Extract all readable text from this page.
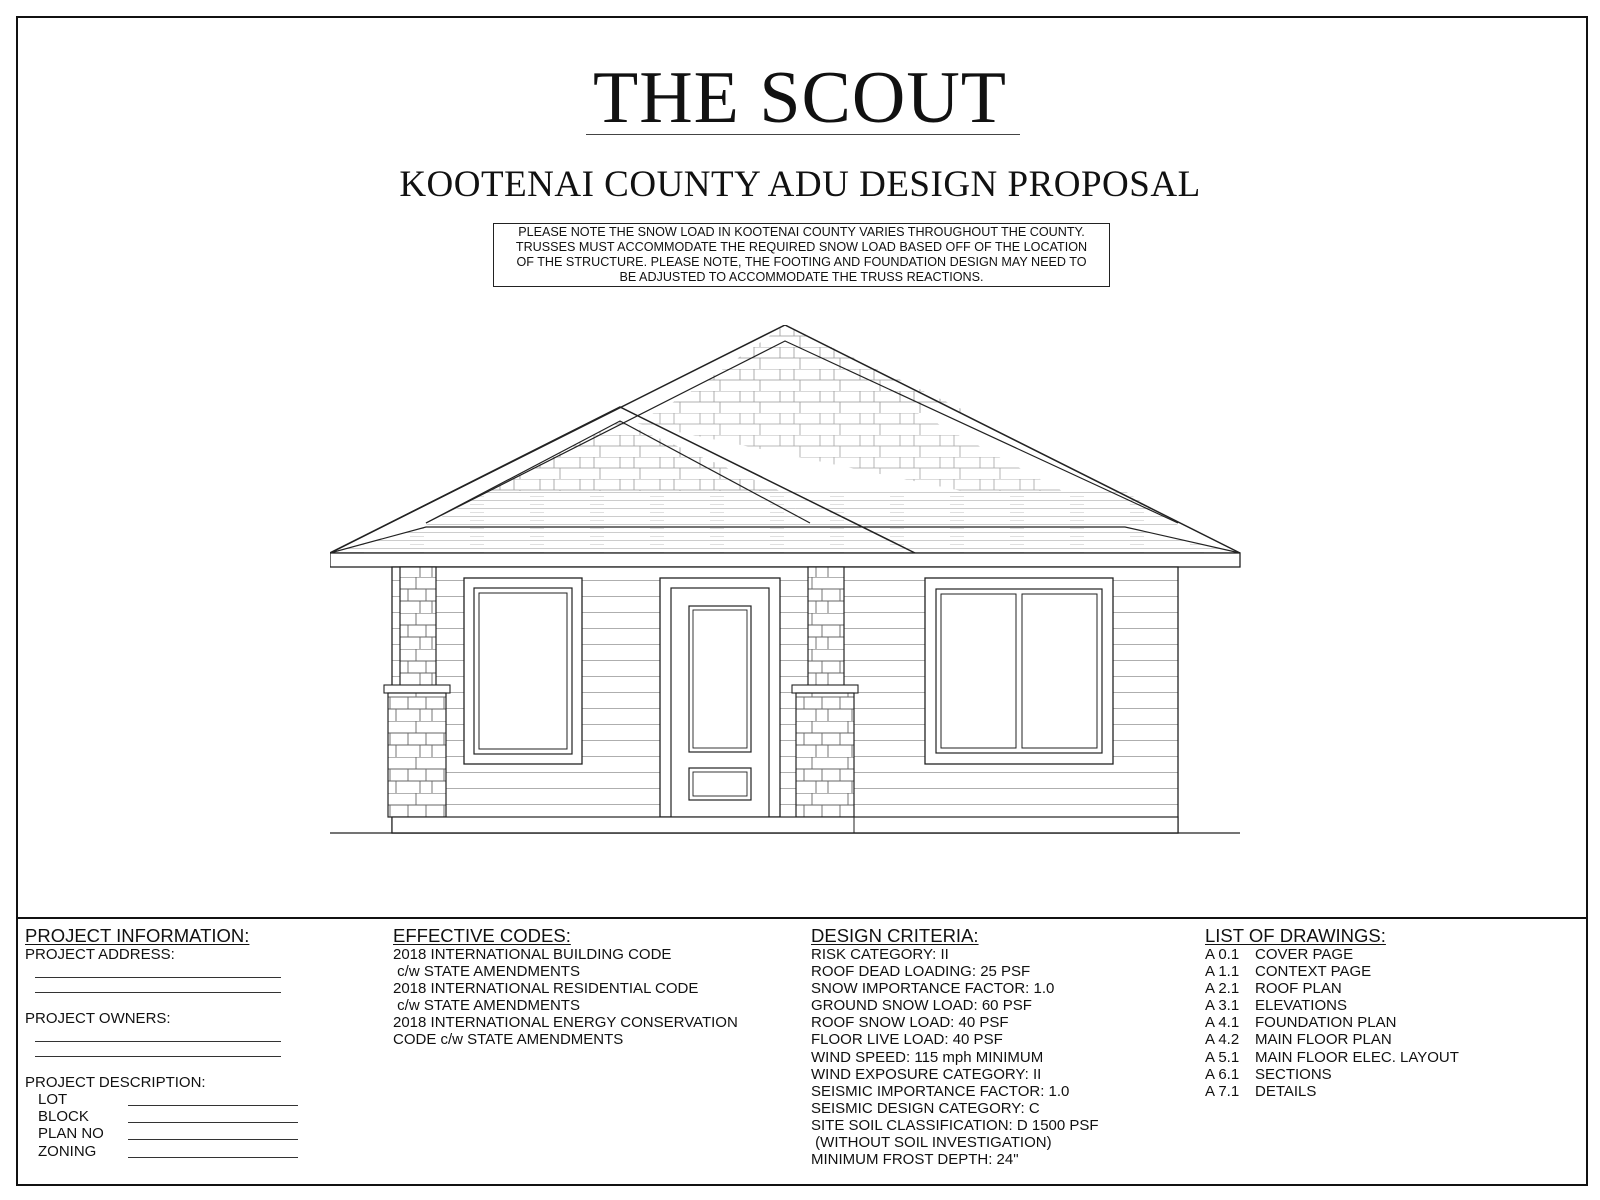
THE SCOUT
KOOTENAI COUNTY ADU DESIGN PROPOSAL
PLEASE NOTE THE SNOW LOAD IN KOOTENAI COUNTY VARIES THROUGHOUT THE COUNTY.
TRUSSES MUST ACCOMMODATE THE REQUIRED SNOW LOAD BASED OFF OF THE LOCATION
OF THE STRUCTURE. PLEASE NOTE, THE FOOTING AND FOUNDATION DESIGN MAY NEED TO
BE ADJUSTED TO ACCOMMODATE THE TRUSS REACTIONS.
PROJECT INFORMATION:
PROJECT ADDRESS:
PROJECT OWNERS:
PROJECT DESCRIPTION:
LOT
BLOCK
PLAN NO
ZONING
EFFECTIVE CODES:
2018 INTERNATIONAL BUILDING CODE
c/w STATE AMENDMENTS
2018 INTERNATIONAL RESIDENTIAL CODE
c/w STATE AMENDMENTS
2018 INTERNATIONAL ENERGY CONSERVATION
CODE c/w STATE AMENDMENTS
DESIGN CRITERIA:
RISK CATEGORY: II
ROOF DEAD LOADING: 25 PSF
SNOW IMPORTANCE FACTOR: 1.0
GROUND SNOW LOAD: 60 PSF
ROOF SNOW LOAD: 40 PSF
FLOOR LIVE LOAD: 40 PSF
WIND SPEED: 115 mph MINIMUM
WIND EXPOSURE CATEGORY: II
SEISMIC IMPORTANCE FACTOR: 1.0
SEISMIC DESIGN CATEGORY: C
SITE SOIL CLASSIFICATION: D 1500 PSF
(WITHOUT SOIL INVESTIGATION)
MINIMUM FROST DEPTH: 24"
LIST OF DRAWINGS:
A 0.1	COVER PAGE
A 1.1	CONTEXT PAGE
A 2.1	ROOF PLAN
A 3.1	ELEVATIONS
A 4.1	FOUNDATION PLAN
A 4.2	MAIN FLOOR PLAN
A 5.1	MAIN FLOOR ELEC. LAYOUT
A 6.1	SECTIONS
A 7.1	DETAILS
